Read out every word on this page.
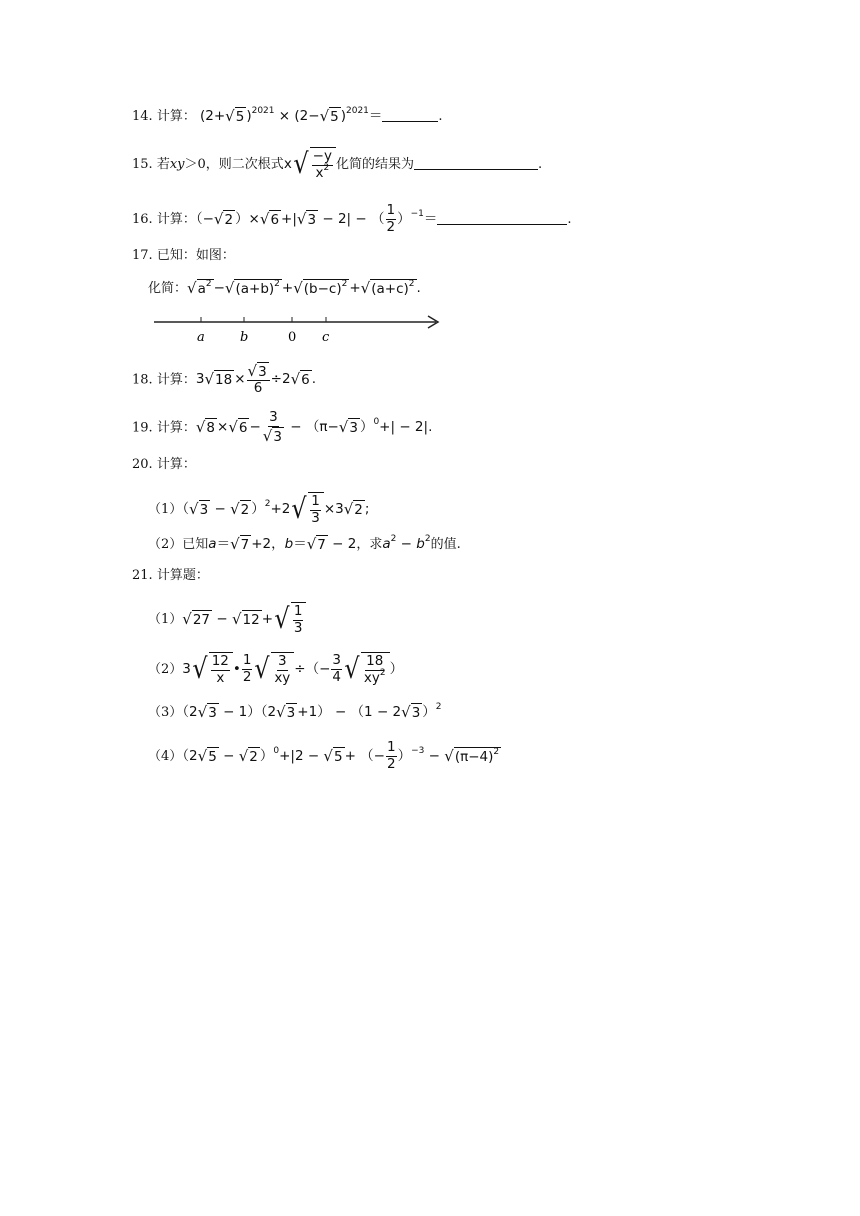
14. 计算： (2+ √ 5 )$^{2021}$ × (2− √ 5 )$^{2021}$＝	.
15. 若xy＞0，则二次根式x √ $\frac{-y}{x^2}$ 化简的结果为	.
16. 计算：（− √ 2 ）× √ 6 +| √ 3 − 2| − （ $\frac{1}{2} )^{-1}=$	.
17. 已知：如图：
化简： √ $a^2$ − √ $(a+b)^2$ + √ $(b-c)^2$ + √ $(a+c)^2$ .
a	b	0 c
18. 计算：3 √ $18 \times \frac{√ 3}{6} \div 2$ √ 6 .
19. 计算： √ 8 × √ $6 - \frac{3}{√ 3} - (\pi-$ √ 3 ）$^0$+| − 2|.
20. 计算：
（1）（ √ 3 − √ 2 ）$^2$+2 √ $\frac{1}{3} \times 3$ √ 2 ;
（2）已知a＝ √ 7 +2，b＝ √ 7 − 2，求$a^2 - b^2$的值.
21. 计算题：
（1） √ 27 − √ 12 + √ $\frac{1}{3}$
（2）3 √ $\frac{12}{x}$ • $\frac{1}{2}$ √ $\frac{3}{xy}$ ÷（− $\frac{3}{4}$ √ $\frac{18}{xy^2}$ ）
（3）（2 √ 3 − 1）（2 √ 3 +1） − （1 − 2 √ 3 ）$^2$
（4）（2 √ 5 − √ 2 ）$^0$+|2 − √ 5 + （− $\frac{1}{2} )^{-3}$ − √ $(\pi-4)^2$
